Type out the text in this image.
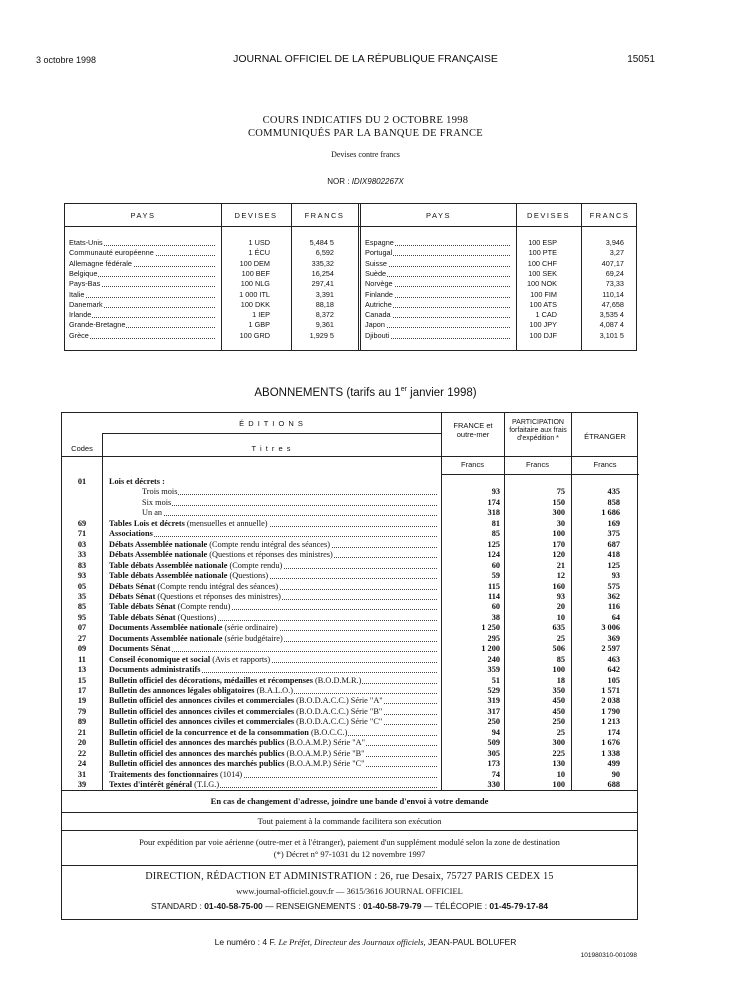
3 octobre 1998	JOURNAL OFFICIEL DE LA RÉPUBLIQUE FRANÇAISE	15051
COURS INDICATIFS DU 2 OCTOBRE 1998
COMMUNIQUÉS PAR LA BANQUE DE FRANCE
Devises contre francs
NOR : IDIX9802267X
PAYS	DEVISES	FRANCS	PAYS	DEVISES	FRANCS
Etats-Unis	1 USD	5,484 5
Communauté européenne	1 ÉCU	6,592
Allemagne fédérale	100 DEM	335,32
Belgique	100 BEF	16,254
Pays-Bas	100 NLG	297,41
Italie	1 000 ITL	3,391
Danemark	100 DKK	88,18
Irlande	1 IEP	8,372
Grande-Bretagne	1 GBP	9,361
Grèce	100 GRD	1,929 5
Espagne	100 ESP	3,946
Portugal	100 PTE	3,27
Suisse	100 CHF	407,17
Suède	100 SEK	69,24
Norvège	100 NOK	73,33
Finlande	100 FIM	110,14
Autriche	100 ATS	47,658
Canada	1 CAD	3,535 4
Japon	100 JPY	4,087 4
Djibouti	100 DJF	3,101 5
ABONNEMENTS (tarifs au 1er janvier 1998)
É D I T I O N S
Codes	T i t r e s
FRANCE et outre-mer
PARTICIPATION forfaitaire aux frais d'expédition *	ÉTRANGER
Francs	Francs	Francs
01	Lois et décrets :
Trois mois	93	75	435
Six mois	174	150	858
Un an	318	300	1 686
69	Tables Lois et décrets (mensuelles et annuelle)	81	30	169
71	Associations	85	100	375
03	Débats Assemblée nationale (Compte rendu intégral des séances)	125	170	687
33	Débats Assemblée nationale (Questions et réponses des ministres)	124	120	418
83	Table débats Assemblée nationale (Compte rendu)	60	21	125
93	Table débats Assemblée nationale (Questions)	59	12	93
05	Débats Sénat (Compte rendu intégral des séances)	115	160	575
35	Débats Sénat (Questions et réponses des ministres)	114	93	362
85	Table débats Sénat (Compte rendu)	60	20	116
95	Table débats Sénat (Questions)	38	10	64
07	Documents Assemblée nationale (série ordinaire)	1 250	635	3 006
27	Documents Assemblée nationale (série budgétaire)	295	25	369
09	Documents Sénat	1 200	506	2 597
11	Conseil économique et social (Avis et rapports)	240	85	463
13	Documents administratifs	359	100	642
15	Bulletin officiel des décorations, médailles et récompenses (B.O.D.M.R.)	51	18	105
17	Bulletin des annonces légales obligatoires (B.A.L.O.)	529	350	1 571
19	Bulletin officiel des annonces civiles et commerciales (B.O.D.A.C.C.) Série "A"	319	450	2 038
79	Bulletin officiel des annonces civiles et commerciales (B.O.D.A.C.C.) Série "B"	317	450	1 790
89	Bulletin officiel des annonces civiles et commerciales (B.O.D.A.C.C.) Série "C"	250	250	1 213
21	Bulletin officiel de la concurrence et de la consommation (B.O.C.C.)	94	25	174
20	Bulletin officiel des annonces des marchés publics (B.O.A.M.P.) Série "A"	509	300	1 676
22	Bulletin officiel des annonces des marchés publics (B.O.A.M.P.) Série "B"	305	225	1 338
24	Bulletin officiel des annonces des marchés publics (B.O.A.M.P.) Série "C"	173	130	499
31	Traitements des fonctionnaires (1014)	74	10	90
39	Textes d'intérêt général (T.I.G.)	330	100	688
En cas de changement d'adresse, joindre une bande d'envoi à votre demande
Tout paiement à la commande facilitera son exécution
Pour expédition par voie aérienne (outre-mer et à l'étranger), paiement d'un supplément modulé selon la zone de destination
(*) Décret n° 97-1031 du 12 novembre 1997
DIRECTION, RÉDACTION ET ADMINISTRATION : 26, rue Desaix, 75727 PARIS CEDEX 15
www.journal-officiel.gouv.fr — 3615/3616 JOURNAL OFFICIEL
STANDARD : 01-40-58-75-00 — RENSEIGNEMENTS : 01-40-58-79-79 — TÉLÉCOPIE : 01-45-79-17-84
Le numéro : 4 F. Le Préfet, Directeur des Journaux officiels, JEAN-PAUL BOLUFER
101980310-001098
